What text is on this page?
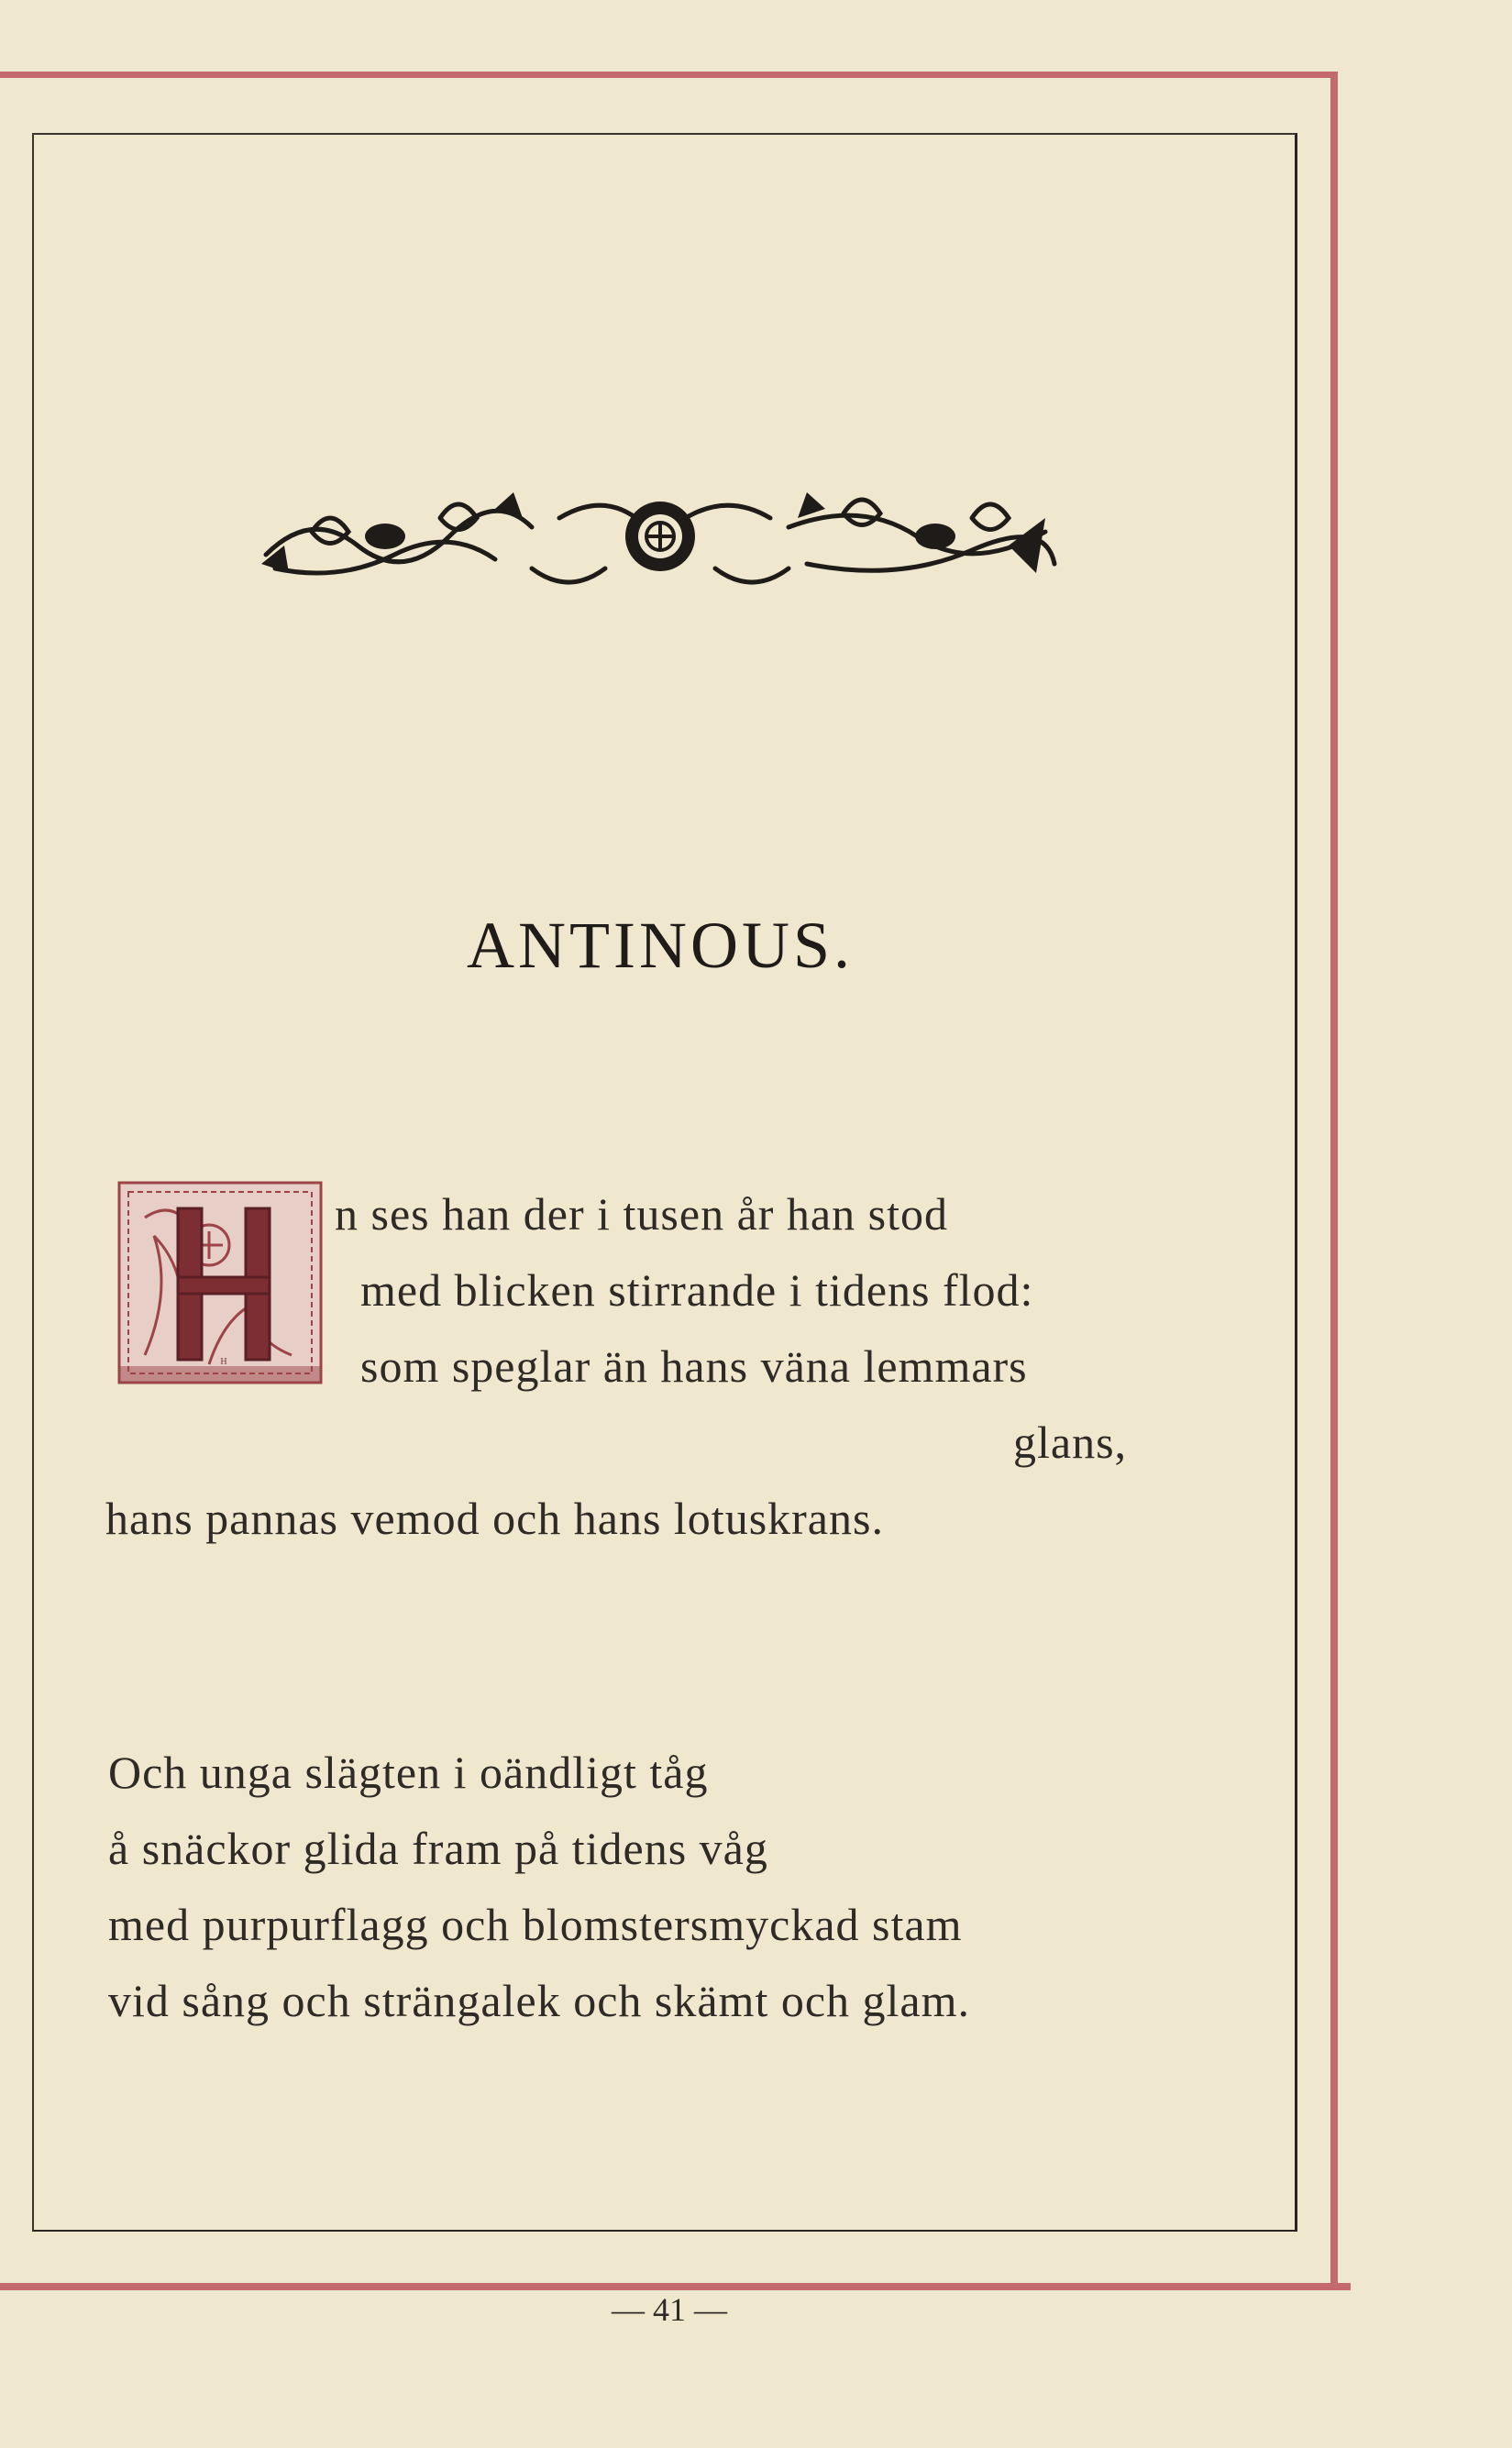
ANTINOUS.
H
n ses han der i tusen år han stod
med blicken stirrande i tidens flod:
som speglar än hans väna lemmars
glans,
hans pannas vemod och hans lotuskrans.
Och unga slägten i oändligt tåg
å snäckor glida fram på tidens våg
med purpurflagg och blomstersmyckad stam
vid sång och strängalek och skämt och glam.
— 41 —
